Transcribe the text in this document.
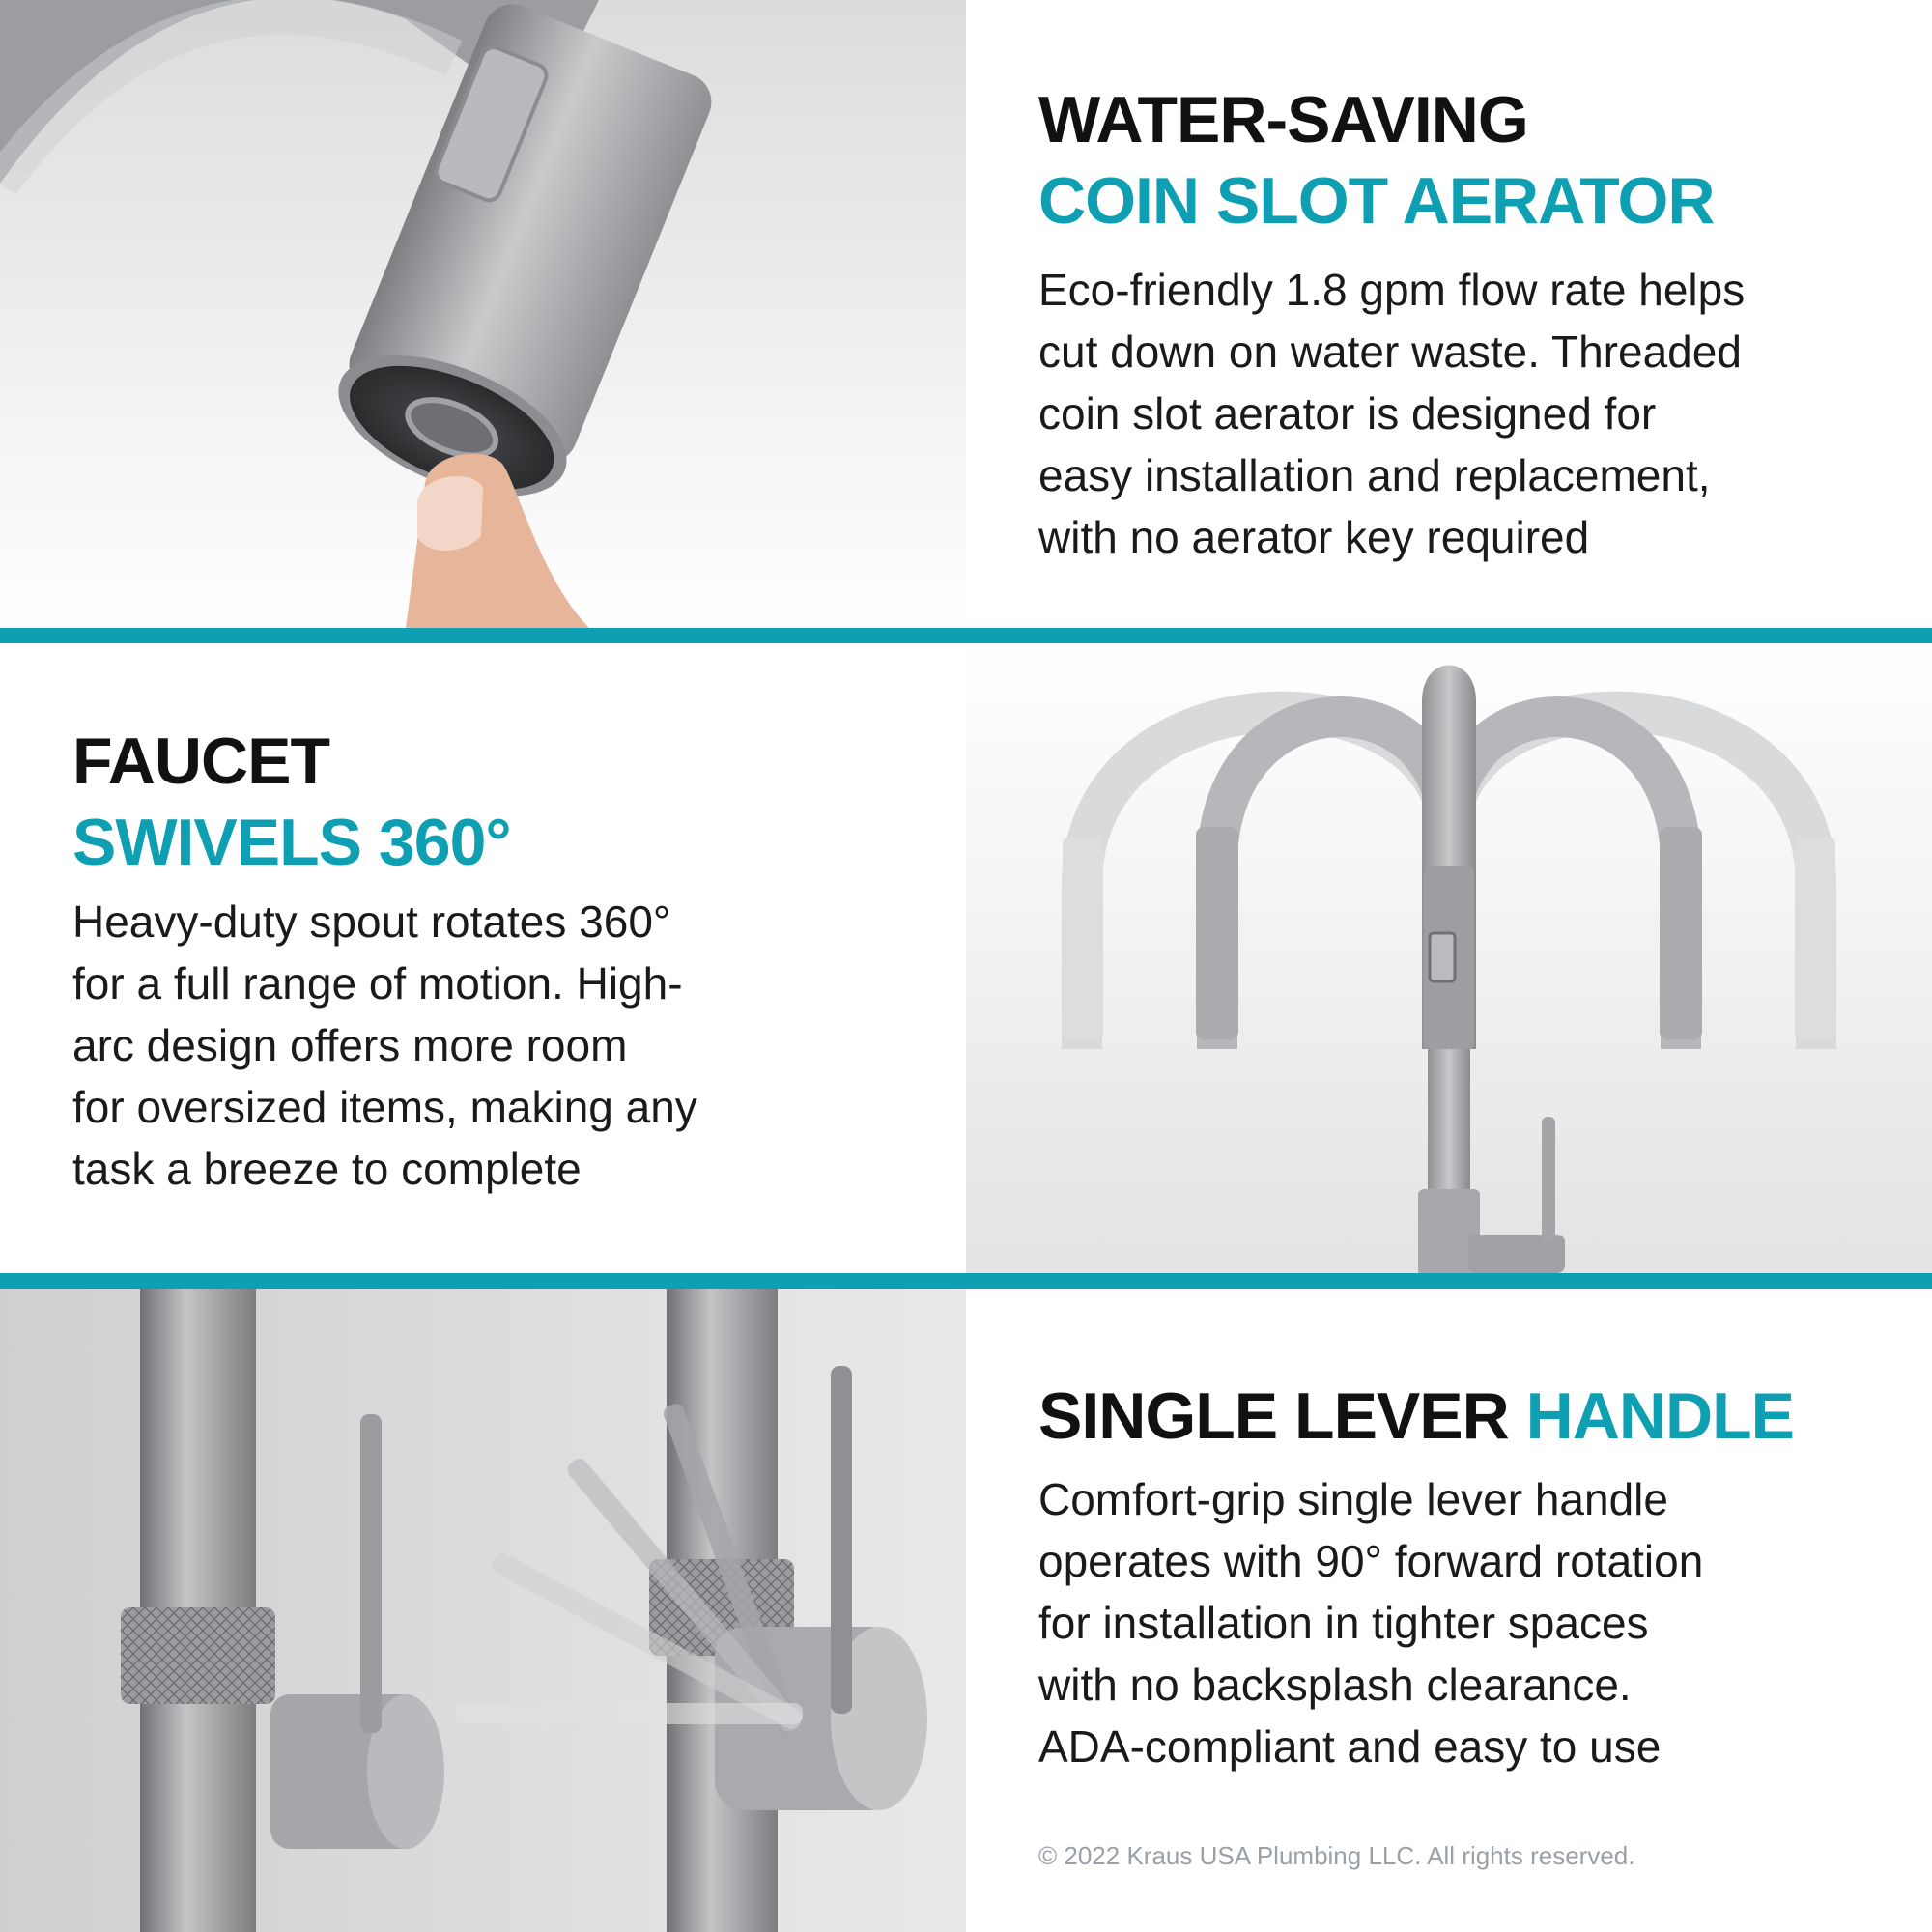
WATER-SAVING
COIN SLOT AERATOR
Eco-friendly 1.8 gpm flow rate helps
cut down on water waste. Threaded
coin slot aerator is designed for
easy installation and replacement,
with no aerator key required
FAUCET
SWIVELS 360°
Heavy-duty spout rotates 360°
for a full range of motion. High-
arc design offers more room
for oversized items, making any
task a breeze to complete
SINGLE LEVER HANDLE
Comfort-grip single lever handle
operates with 90° forward rotation
for installation in tighter spaces
with no backsplash clearance.
ADA-compliant and easy to use
© 2022 Kraus USA Plumbing LLC. All rights reserved.
